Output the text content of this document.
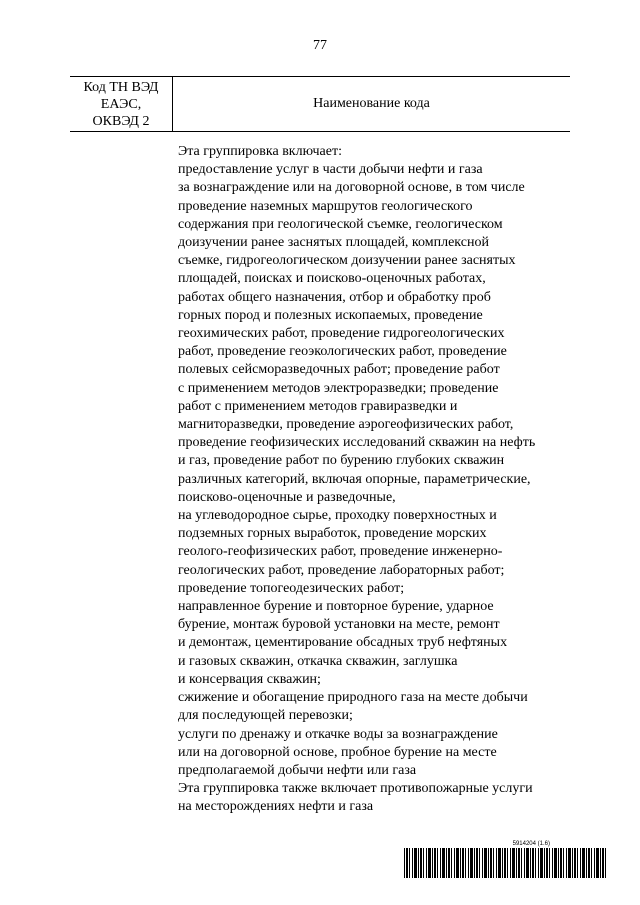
77
Код ТН ВЭД
ЕАЭС,
ОКВЭД 2
Наименование кода
Эта группировка включает:
предоставление услуг в части добычи нефти и газа
за вознаграждение или на договорной основе, в том числе
проведение наземных маршрутов геологического
содержания при геологической съемке, геологическом
доизучении ранее заснятых площадей, комплексной
съемке, гидрогеологическом доизучении ранее заснятых
площадей, поисках и поисково-оценочных работах,
работах общего назначения, отбор и обработку проб
горных пород и полезных ископаемых, проведение
геохимических работ, проведение гидрогеологических
работ, проведение геоэкологических работ, проведение
полевых сейсморазведочных работ; проведение работ
с применением методов электроразведки; проведение
работ с применением методов гравиразведки и
магниторазведки, проведение аэрогеофизических работ,
проведение геофизических исследований скважин на нефть
и газ, проведение работ по бурению глубоких скважин
различных категорий, включая опорные, параметрические,
поисково-оценочные и разведочные,
на углеводородное сырье, проходку поверхностных и
подземных горных выработок, проведение морских
геолого-геофизических работ, проведение инженерно-
геологических работ, проведение лабораторных работ;
проведение топогеодезических работ;
направленное бурение и повторное бурение, ударное
бурение, монтаж буровой установки на месте, ремонт
и демонтаж, цементирование обсадных труб нефтяных
и газовых скважин, откачка скважин, заглушка
и консервация скважин;
сжижение и обогащение природного газа на месте добычи
для последующей перевозки;
услуги по дренажу и откачке воды за вознаграждение
или на договорной основе, пробное бурение на месте
предполагаемой добычи нефти или газа
Эта группировка также включает противопожарные услуги
на месторождениях нефти и газа
5914204 (1.6)
